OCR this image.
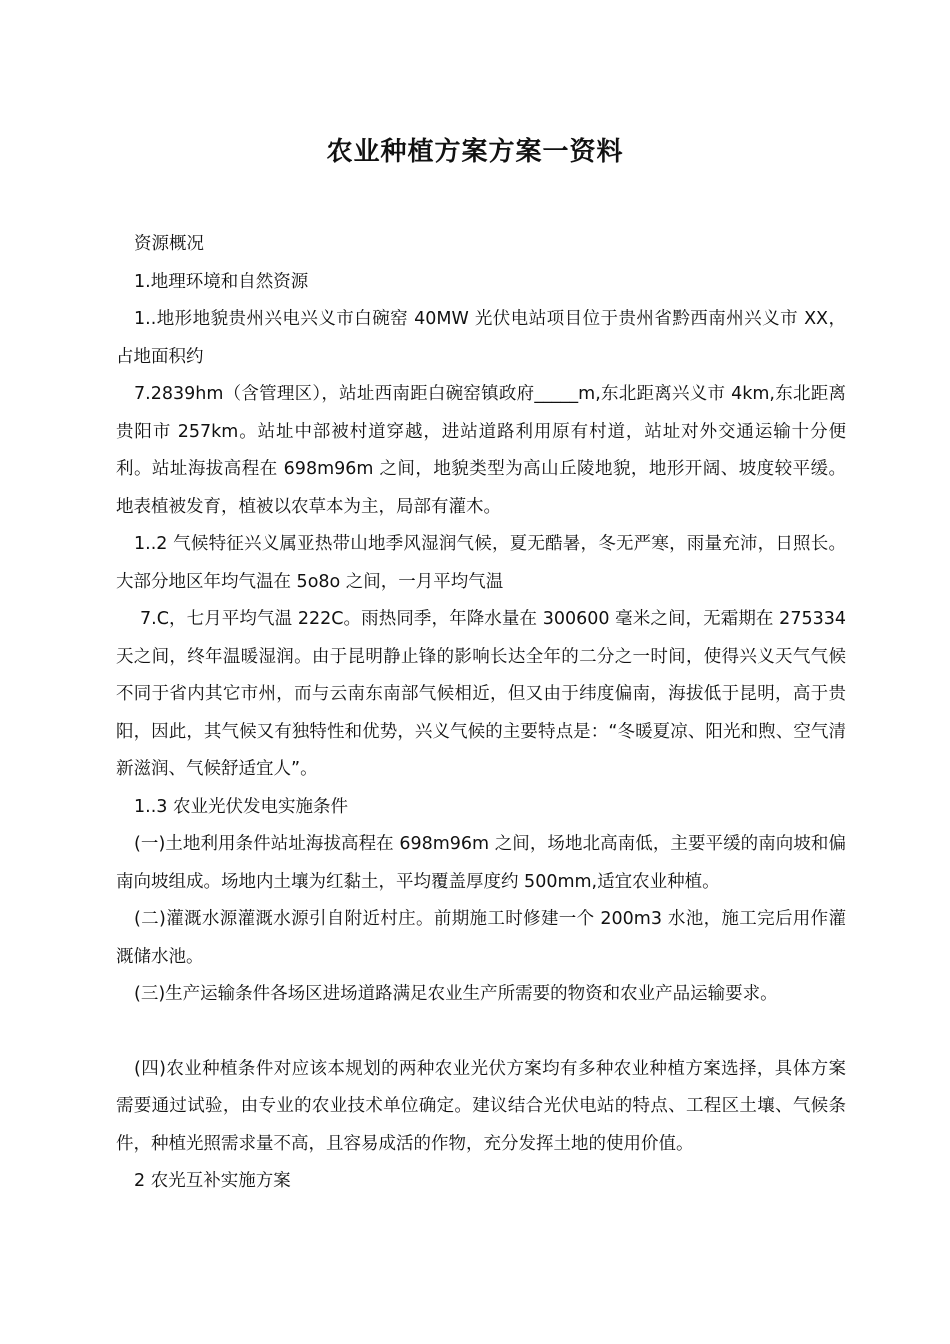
农业种植方案方案一资料

资源概况

1.地理环境和自然资源

1..地形地貌贵州兴电兴义市白碗窑 40MW 光伏电站项目位于贵州省黔西南州兴义市 XX，占地面积约

7.2839hm（含管理区），站址西南距白碗窑镇政府_____m,东北距离兴义市 4km,东北距离贵阳市 257km。站址中部被村道穿越，进站道路利用原有村道，站址对外交通运输十分便利。站址海拔高程在 698m96m 之间，地貌类型为高山丘陵地貌，地形开阔、坡度较平缓。地表植被发育，植被以农草本为主，局部有灌木。

1..2 气候特征兴义属亚热带山地季风湿润气候，夏无酷暑，冬无严寒，雨量充沛，日照长。大部分地区年均气温在 5o8o 之间，一月平均气温

7.C，七月平均气温 222C。雨热同季，年降水量在 300600 毫米之间，无霜期在 275334 天之间，终年温暖湿润。由于昆明静止锋的影响长达全年的二分之一时间，使得兴义天气气候不同于省内其它市州，而与云南东南部气候相近，但又由于纬度偏南，海拔低于昆明，高于贵阳，因此，其气候又有独特性和优势，兴义气候的主要特点是：“冬暖夏凉、阳光和煦、空气清新滋润、气候舒适宜人”。

1..3 农业光伏发电实施条件

(一)土地利用条件站址海拔高程在 698m96m 之间，场地北高南低，主要平缓的南向坡和偏南向坡组成。场地内土壤为红黏土，平均覆盖厚度约 500mm,适宜农业种植。

(二)灌溉水源灌溉水源引自附近村庄。前期施工时修建一个 200m3 水池，施工完后用作灌溉储水池。

(三)生产运输条件各场区进场道路满足农业生产所需要的物资和农业产品运输要求。

(四)农业种植条件对应该本规划的两种农业光伏方案均有多种农业种植方案选择，具体方案需要通过试验，由专业的农业技术单位确定。建议结合光伏电站的特点、工程区土壤、气候条件，种植光照需求量不高，且容易成活的作物，充分发挥土地的使用价值。

2 农光互补实施方案
